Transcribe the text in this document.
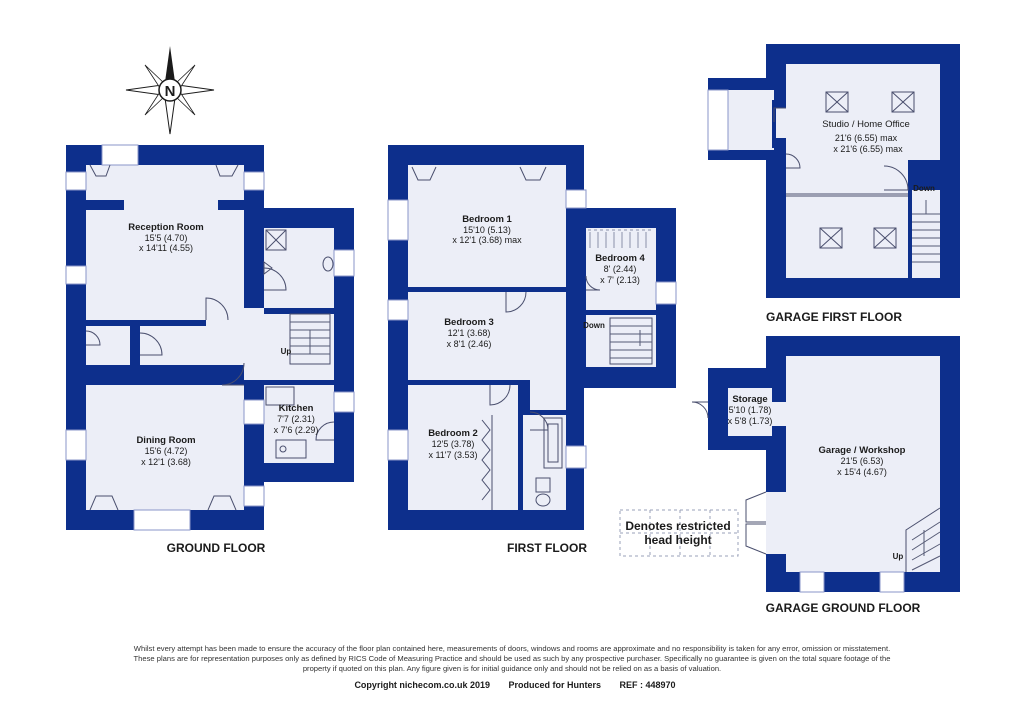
N
Reception Room
15'5 (4.70)
x 14'11 (4.55)
Dining Room
15'6 (4.72)
x 12'1 (3.68)
Kitchen
7'7 (2.31)
x 7'6 (2.29)
Up
GROUND FLOOR
Bedroom 1
15'10 (5.13)
x 12'1 (3.68) max
Bedroom 3
12'1 (3.68)
x 8'1 (2.46)
Bedroom 2
12'5 (3.78)
x 11'7 (3.53)
Bedroom 4
8' (2.44)
x 7' (2.13)
Down
FIRST FLOOR
Studio / Home Office
21'6 (6.55) max
x 21'6 (6.55) max
Down
GARAGE FIRST FLOOR
Storage
5'10 (1.78)
x 5'8 (1.73)
Garage / Workshop
21'5 (6.53)
x 15'4 (4.67)
Up
GARAGE GROUND FLOOR
Denotes restricted
head height
Whilst every attempt has been made to ensure the accuracy of the floor plan contained here, measurements of doors, windows and rooms are approximate and no responsibility is taken for any error, omission or misstatement. These plans are for representation purposes only as defined by RICS Code of Measuring Practice and should be used as such by any prospective purchaser. Specifically no guarantee is given on the total square footage of the property if quoted on this plan. Any figure given is for initial guidance only and should not be relied on as a basis of valuation.
Copyright nichecom.co.uk 2019 Produced for Hunters REF : 448970
